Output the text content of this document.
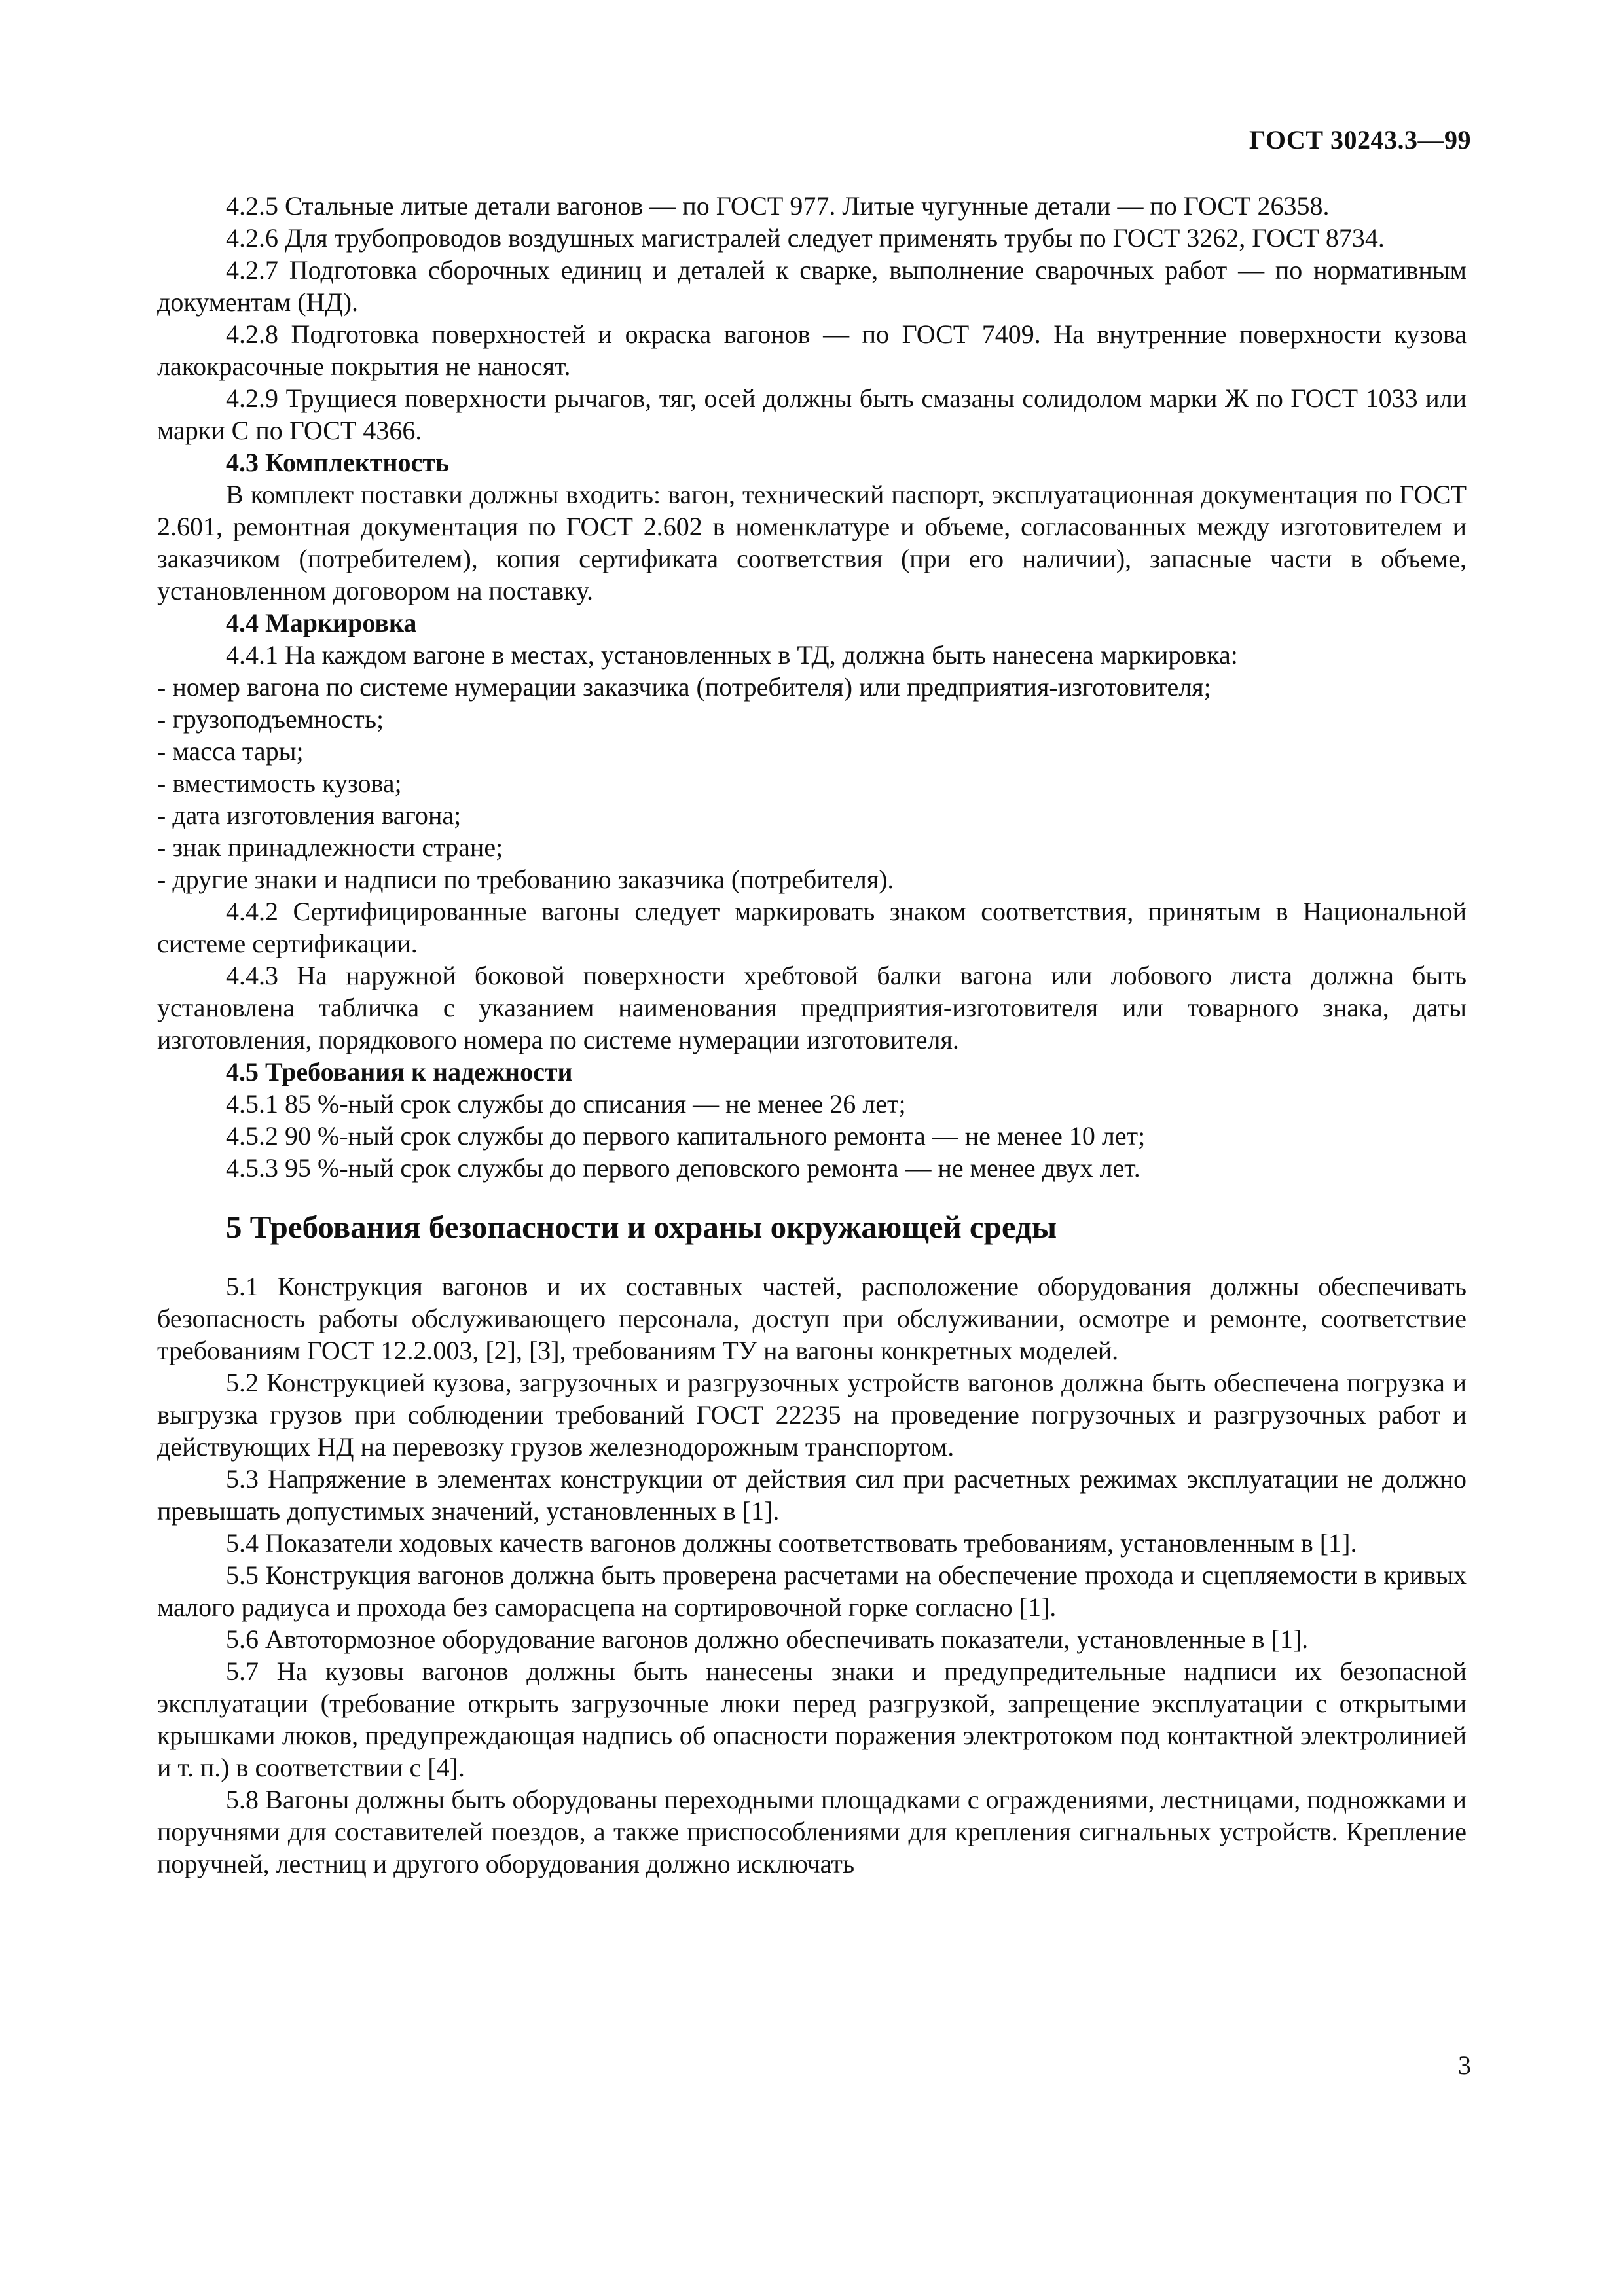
ГОСТ 30243.3—99

4.2.5 Стальные литые детали вагонов — по ГОСТ 977. Литые чугунные детали — по ГОСТ 26358.

4.2.6 Для трубопроводов воздушных магистралей следует применять трубы по ГОСТ 3262, ГОСТ 8734.

4.2.7 Подготовка сборочных единиц и деталей к сварке, выполнение сварочных работ — по нормативным документам (НД).

4.2.8 Подготовка поверхностей и окраска вагонов — по ГОСТ 7409. На внутренние поверхности кузова лакокрасочные покрытия не наносят.

4.2.9 Трущиеся поверхности рычагов, тяг, осей должны быть смазаны солидолом марки Ж по ГОСТ 1033 или марки С по ГОСТ 4366.

4.3 Комплектность

В комплект поставки должны входить: вагон, технический паспорт, эксплуатационная документация по ГОСТ 2.601, ремонтная документация по ГОСТ 2.602 в номенклатуре и объеме, согласованных между изготовителем и заказчиком (потребителем), копия сертификата соответствия (при его наличии), запасные части в объеме, установленном договором на поставку.

4.4 Маркировка

4.4.1 На каждом вагоне в местах, установленных в ТД, должна быть нанесена маркировка:

- номер вагона по системе нумерации заказчика (потребителя) или предприятия-изготовителя;

- грузоподъемность;

- масса тары;

- вместимость кузова;

- дата изготовления вагона;

- знак принадлежности стране;

- другие знаки и надписи по требованию заказчика (потребителя).

4.4.2 Сертифицированные вагоны следует маркировать знаком соответствия, принятым в Национальной системе сертификации.

4.4.3 На наружной боковой поверхности хребтовой балки вагона или лобового листа должна быть установлена табличка с указанием наименования предприятия-изготовителя или товарного знака, даты изготовления, порядкового номера по системе нумерации изготовителя.

4.5 Требования к надежности

4.5.1 85 %-ный срок службы до списания — не менее 26 лет;

4.5.2 90 %-ный срок службы до первого капитального ремонта — не менее 10 лет;

4.5.3 95 %-ный срок службы до первого деповского ремонта — не менее двух лет.

5 Требования безопасности и охраны окружающей среды

5.1 Конструкция вагонов и их составных частей, расположение оборудования должны обеспечивать безопасность работы обслуживающего персонала, доступ при обслуживании, осмотре и ремонте, соответствие требованиям ГОСТ 12.2.003, [2], [3], требованиям ТУ на вагоны конкретных моделей.

5.2 Конструкцией кузова, загрузочных и разгрузочных устройств вагонов должна быть обеспечена погрузка и выгрузка грузов при соблюдении требований ГОСТ 22235 на проведение погрузочных и разгрузочных работ и действующих НД на перевозку грузов железнодорожным транспортом.

5.3 Напряжение в элементах конструкции от действия сил при расчетных режимах эксплуатации не должно превышать допустимых значений, установленных в [1].

5.4 Показатели ходовых качеств вагонов должны соответствовать требованиям, установленным в [1].

5.5 Конструкция вагонов должна быть проверена расчетами на обеспечение прохода и сцепляемости в кривых малого радиуса и прохода без саморасцепа на сортировочной горке согласно [1].

5.6 Автотормозное оборудование вагонов должно обеспечивать показатели, установленные в [1].

5.7 На кузовы вагонов должны быть нанесены знаки и предупредительные надписи их безопасной эксплуатации (требование открыть загрузочные люки перед разгрузкой, запрещение эксплуатации с открытыми крышками люков, предупреждающая надпись об опасности поражения электротоком под контактной электролинией и т. п.) в соответствии с [4].

5.8 Вагоны должны быть оборудованы переходными площадками с ограждениями, лестницами, подножками и поручнями для составителей поездов, а также приспособлениями для крепления сигнальных устройств. Крепление поручней, лестниц и другого оборудования должно исключать

3
